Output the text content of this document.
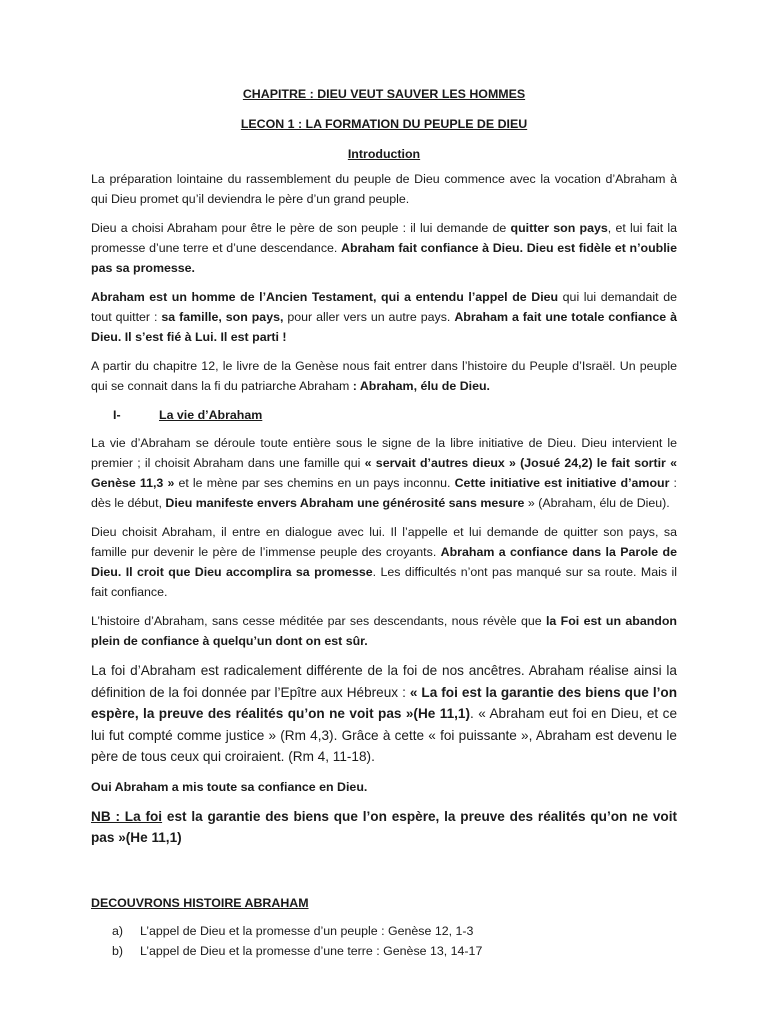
CHAPITRE : DIEU VEUT SAUVER LES HOMMES

LECON 1 : LA FORMATION DU PEUPLE DE DIEU

Introduction

La préparation lointaine du rassemblement du peuple de Dieu commence avec la vocation d’Abraham à qui Dieu promet qu’il deviendra le père d’un grand peuple.

Dieu a choisi Abraham pour être le père de son peuple : il lui demande de quitter son pays, et lui fait la promesse d’une terre et d’une descendance. Abraham fait confiance à Dieu. Dieu est fidèle et n’oublie pas sa promesse.

Abraham est un homme de l’Ancien Testament, qui a entendu l’appel de Dieu qui lui demandait de tout quitter : sa famille, son pays, pour aller vers un autre pays. Abraham a fait une totale confiance à Dieu. Il s’est fié à Lui. Il est parti !

A partir du chapitre 12, le livre de la Genèse nous fait entrer dans l’histoire du Peuple d’Israël. Un peuple qui se connait dans la fi du patriarche Abraham : Abraham, élu de Dieu.

I-	La vie d’Abraham

La vie d’Abraham se déroule toute entière sous le signe de la libre initiative de Dieu. Dieu intervient le premier ; il choisit Abraham dans une famille qui « servait d’autres dieux » (Josué 24,2) le fait sortir « Genèse 11,3 » et le mène par ses chemins en un pays inconnu. Cette initiative est initiative d’amour : dès le début, Dieu manifeste envers Abraham une générosité sans mesure » (Abraham, élu de Dieu).

Dieu choisit Abraham, il entre en dialogue avec lui. Il l’appelle et lui demande de quitter son pays, sa famille pur devenir le père de l’immense peuple des croyants. Abraham a confiance dans la Parole de Dieu. Il croit que Dieu accomplira sa promesse. Les difficultés n’ont pas manqué sur sa route. Mais il fait confiance.

L’histoire d’Abraham, sans cesse méditée par ses descendants, nous révèle que la Foi est un abandon plein de confiance à quelqu’un dont on est sûr.

La foi d’Abraham est radicalement différente de la foi de nos ancêtres. Abraham réalise ainsi la définition de la foi donnée par l’Epître aux Hébreux : « La foi est la garantie des biens que l’on espère, la preuve des réalités qu’on ne voit pas »(He 11,1). « Abraham eut foi en Dieu, et ce lui fut compté comme justice » (Rm 4,3). Grâce à cette « foi puissante », Abraham est devenu le père de tous ceux qui croiraient. (Rm 4, 11-18).

Oui Abraham a mis toute sa confiance en Dieu.

NB : La foi est la garantie des biens que l’on espère, la preuve des réalités qu’on ne voit pas »(He 11,1)

DECOUVRONS HISTOIRE ABRAHAM
a)	L’appel de Dieu et la promesse d’un peuple : Genèse 12, 1-3
b)	L’appel de Dieu et la promesse d’une terre : Genèse 13, 14-17
